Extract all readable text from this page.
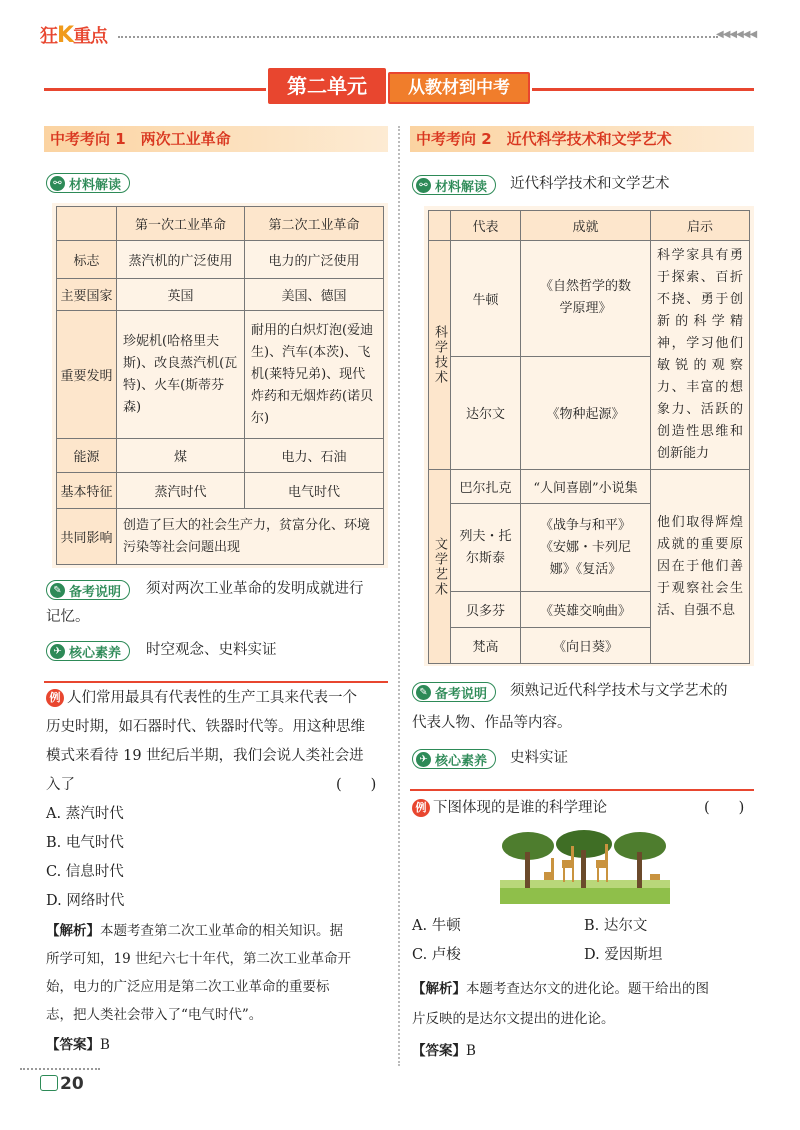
狂K重点	◀◀◀◀◀◀
第二单元	从教材到中考
中考考向 1　两次工业革命
⚯ 材料解读
	第一次工业革命	第二次工业革命
标志	蒸汽机的广泛使用	电力的广泛使用
主要国家	英国	美国、德国
重要发明	珍妮机(哈格里夫斯)、改良蒸汽机(瓦特)、火车(斯蒂芬森)	耐用的白炽灯泡(爱迪生)、汽车(本茨)、飞机(莱特兄弟)、现代炸药和无烟炸药(诺贝尔)
能源	煤	电力、石油
基本特征	蒸汽时代	电气时代
共同影响	创造了巨大的社会生产力，贫富分化、环境污染等社会问题出现	
✎ 备考说明 须对两次工业革命的发明成就进行
记忆。
✈ 核心素养 时空观念、史料实证
例 人们常用最具有代表性的生产工具来代表一个
历史时期，如石器时代、铁器时代等。用这种思维
模式来看待 19 世纪后半期，我们会说人类社会进
入了	(　　)
A. 蒸汽时代
B. 电气时代
C. 信息时代
D. 网络时代
【解析】本题考查第二次工业革命的相关知识。据
所学可知，19 世纪六七十年代，第二次工业革命开
始，电力的广泛应用是第二次工业革命的重要标
志，把人类社会带入了“电气时代”。
【答案】B
中考考向 2　近代科学技术和文学艺术
⚯ 材料解读 近代科学技术和文学艺术
	代表	成就	启示
科学技术	牛顿	《自然哲学的数学原理》	科学家具有勇于探索、百折不挠、勇于创新的科学精神，学习他们敏锐的观察力、丰富的想象力、活跃的创造性思维和创新能力
	达尔文	《物种起源》	
文学艺术	巴尔扎克	“人间喜剧”小说集	他们取得辉煌成就的重要原因在于他们善于观察社会生活、自强不息
	列夫・托尔斯泰	《战争与和平》《安娜・卡列尼娜》《复活》	
	贝多芬	《英雄交响曲》	
	梵高	《向日葵》	
✎ 备考说明 须熟记近代科学技术与文学艺术的
代表人物、作品等内容。
✈ 核心素养 史料实证
例 下图体现的是谁的科学理论	(　　)
A. 牛顿	B. 达尔文
C. 卢梭	D. 爱因斯坦
【解析】本题考查达尔文的进化论。题干给出的图
片反映的是达尔文提出的进化论。
【答案】B
20
